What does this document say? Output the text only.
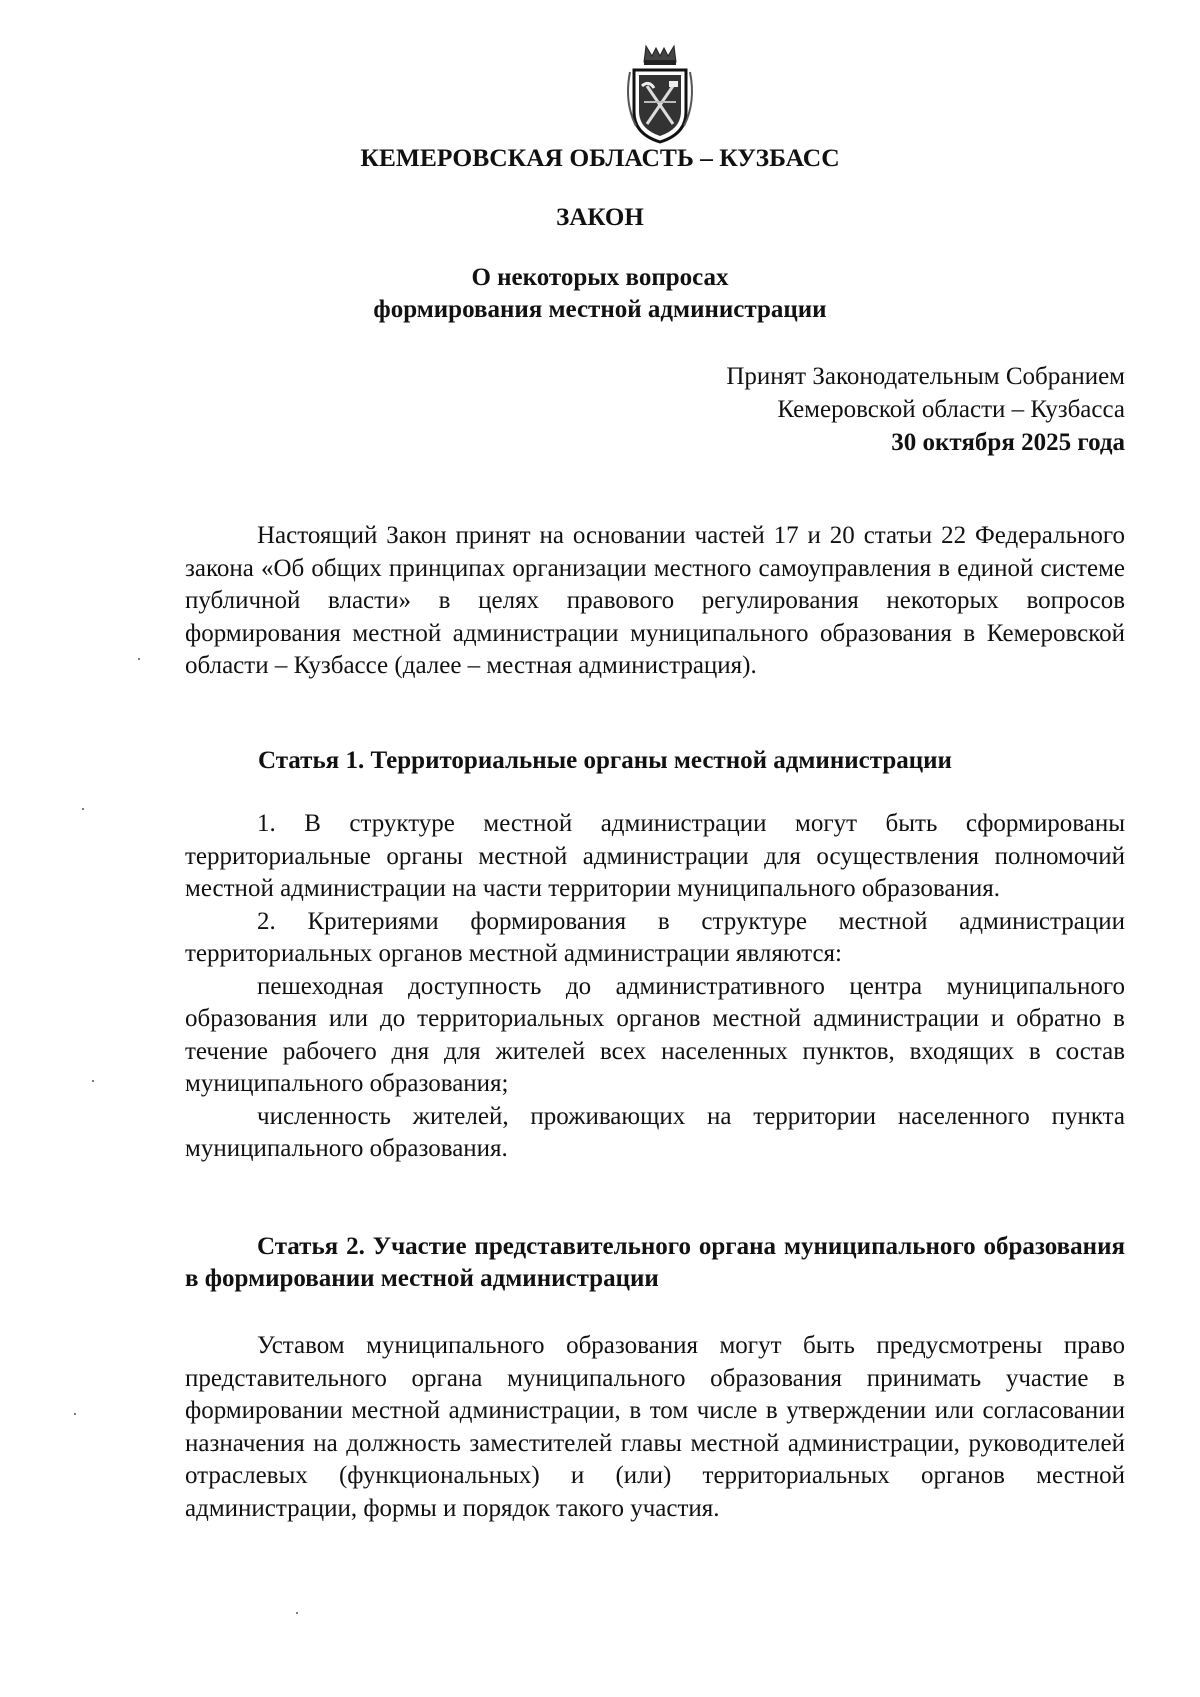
КЕМЕРОВСКАЯ ОБЛАСТЬ – КУЗБАСС
ЗАКОН
О некоторых вопросах
формирования местной администрации
Принят Законодательным Собранием
Кемеровской области – Кузбасса
30 октября 2025 года

Настоящий Закон принят на основании частей 17 и 20 статьи 22 Федерального закона «Об общих принципах организации местного самоуправления в единой системе публичной власти» в целях правового регулирования некоторых вопросов формирования местной администрации муниципального образования в Кемеровской области – Кузбассе (далее – местная администрация).

Статья 1. Территориальные органы местной администрации

1. В структуре местной администрации могут быть сформированы территориальные органы местной администрации для осуществления полномочий местной администрации на части территории муниципального образования.

2. Критериями формирования в структуре местной администрации территориальных органов местной администрации являются:

пешеходная доступность до административного центра муниципального образования или до территориальных органов местной администрации и обратно в течение рабочего дня для жителей всех населенных пунктов, входящих в состав муниципального образования;

численность жителей, проживающих на территории населенного пункта муниципального образования.

Статья 2. Участие представительного органа муниципального образования в формировании местной администрации

Уставом муниципального образования могут быть предусмотрены право представительного органа муниципального образования принимать участие в формировании местной администрации, в том числе в утверждении или согласовании назначения на должность заместителей главы местной администрации, руководителей отраслевых (функциональных) и (или) территориальных органов местной администрации, формы и порядок такого участия.
